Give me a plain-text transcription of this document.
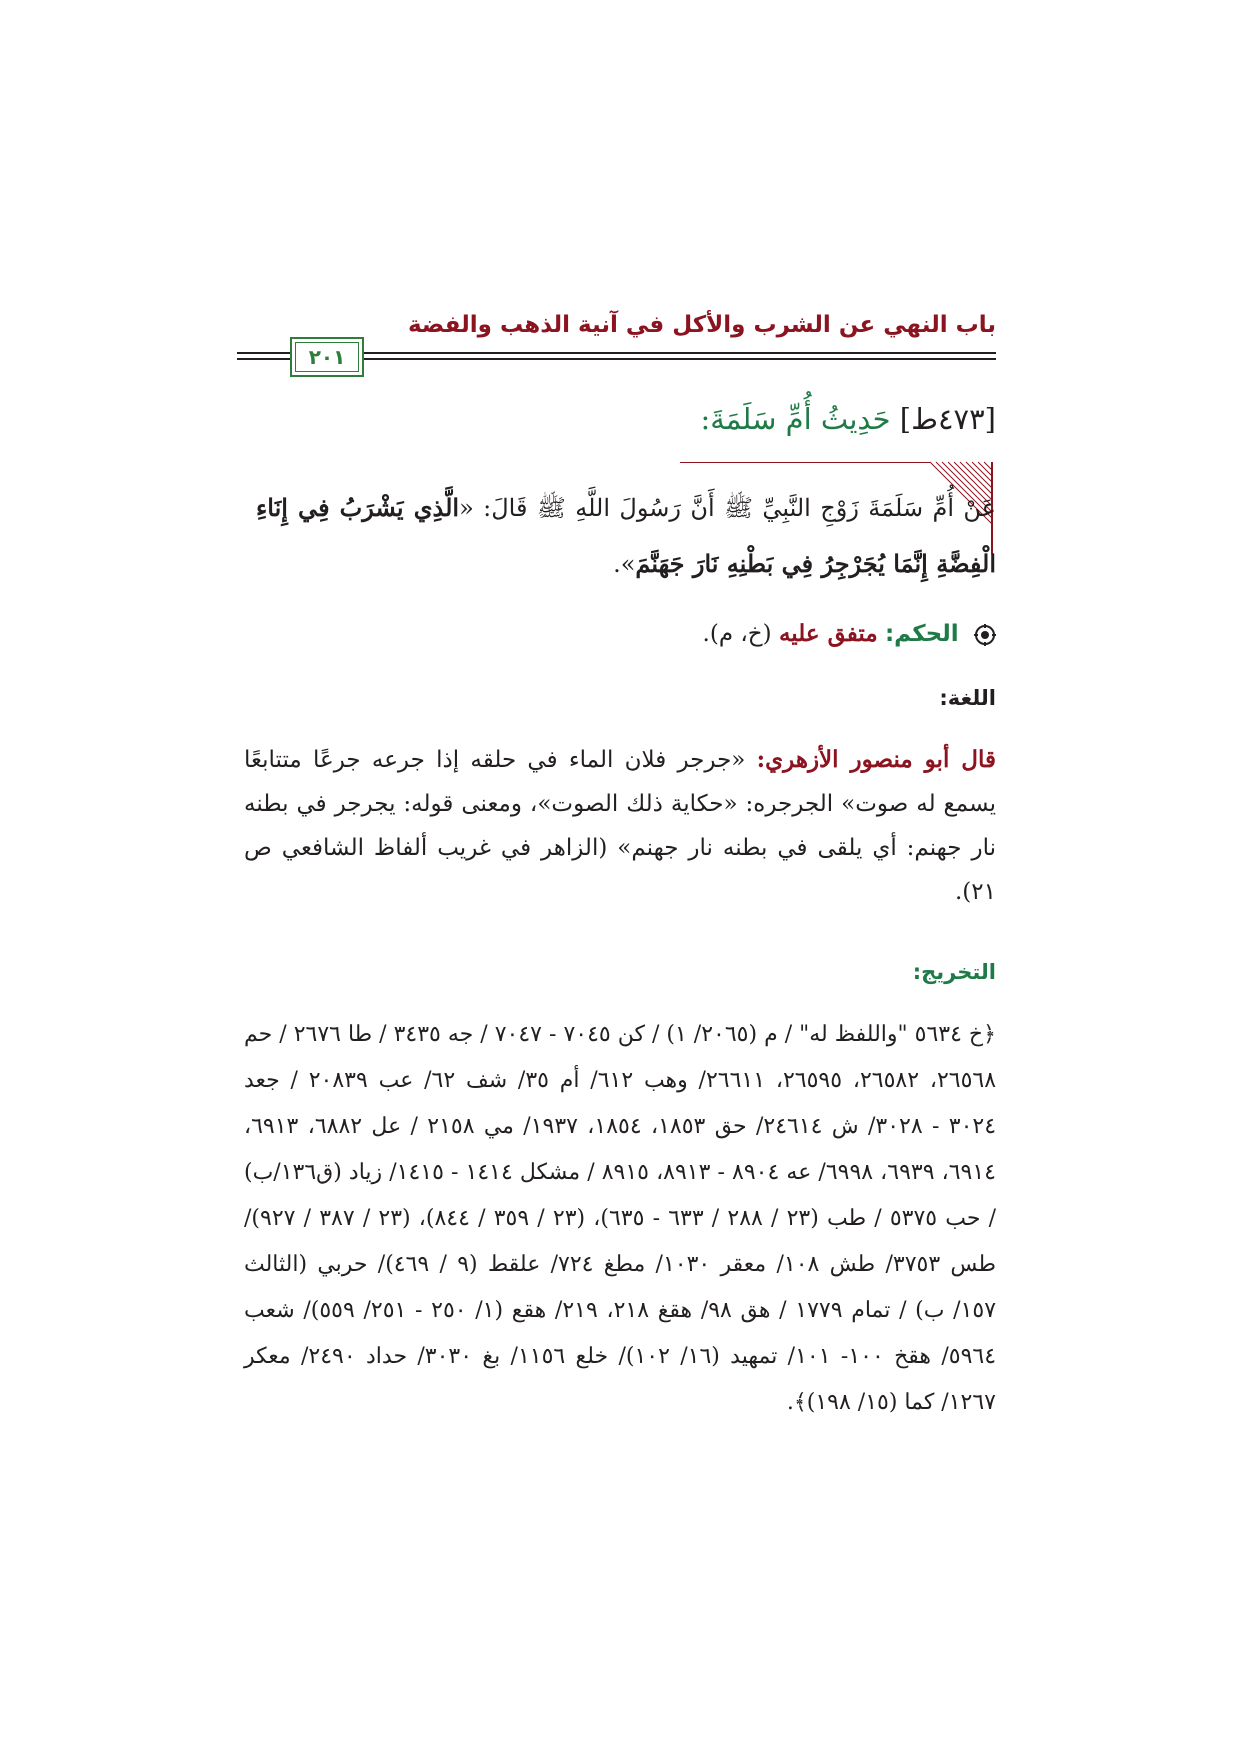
باب النهي عن الشرب والأكل في آنية الذهب والفضة
٢٠١
[٤٧٣ط] حَدِيثُ أُمِّ سَلَمَةَ:
عَنْ أُمِّ سَلَمَةَ زَوْجِ النَّبِيِّ ﷺ أَنَّ رَسُولَ اللَّهِ ﷺ قَالَ: «الَّذِي يَشْرَبُ فِي إِنَاءِ الْفِضَّةِ إِنَّمَا يُجَرْجِرُ فِي بَطْنِهِ نَارَ جَهَنَّمَ».
الحكم: متفق عليه (خ، م).
اللغة:
قال أبو منصور الأزهري: «جرجر فلان الماء في حلقه إذا جرعه جرعًا متتابعًا يسمع له صوت» الجرجره: «حكاية ذلك الصوت»، ومعنى قوله: يجرجر في بطنه نار جهنم: أي يلقى في بطنه نار جهنم» (الزاهر في غريب ألفاظ الشافعي ص ٢١).
التخريج:
﴿خ ٥٦٣٤ "واللفظ له" / م (٢٠٦٥/ ١) / كن ٧٠٤٥ - ٧٠٤٧ / جه ٣٤٣٥ / طا ٢٦٧٦ / حم ٢٦٥٦٨، ٢٦٥٨٢، ٢٦٥٩٥، ٢٦٦١١/ وهب ٦١٢/ أم ٣٥/ شف ٦٢/ عب ٢٠٨٣٩ / جعد ٣٠٢٤ - ٣٠٢٨/ ش ٢٤٦١٤/ حق ١٨٥٣، ١٨٥٤، ١٩٣٧/ مي ٢١٥٨ / عل ٦٨٨٢، ٦٩١٣، ٦٩١٤، ٦٩٣٩، ٦٩٩٨/ عه ٨٩٠٤ - ٨٩١٣، ٨٩١٥ / مشكل ١٤١٤ - ١٤١٥/ زياد (ق١٣٦/ب) / حب ٥٣٧٥ / طب (٢٣ / ٢٨٨ / ٦٣٣ - ٦٣٥)، (٢٣ / ٣٥٩ / ٨٤٤)، (٢٣ / ٣٨٧ / ٩٢٧)/ طس ٣٧٥٣/ طش ١٠٨/ معقر ١٠٣٠/ مطغ ٧٢٤/ علقط (٩ / ٤٦٩)/ حربي (الثالث ١٥٧/ ب) / تمام ١٧٧٩ / هق ٩٨/ هقغ ٢١٨، ٢١٩/ هقع (١/ ٢٥٠ - ٢٥١/ ٥٥٩)/ شعب ٥٩٦٤/ هقخ ١٠٠- ١٠١/ تمهيد (١٦/ ١٠٢)/ خلع ١١٥٦/ بغ ٣٠٣٠/ حداد ٢٤٩٠/ معكر ١٢٦٧/ كما (١٥/ ١٩٨)﴾.
